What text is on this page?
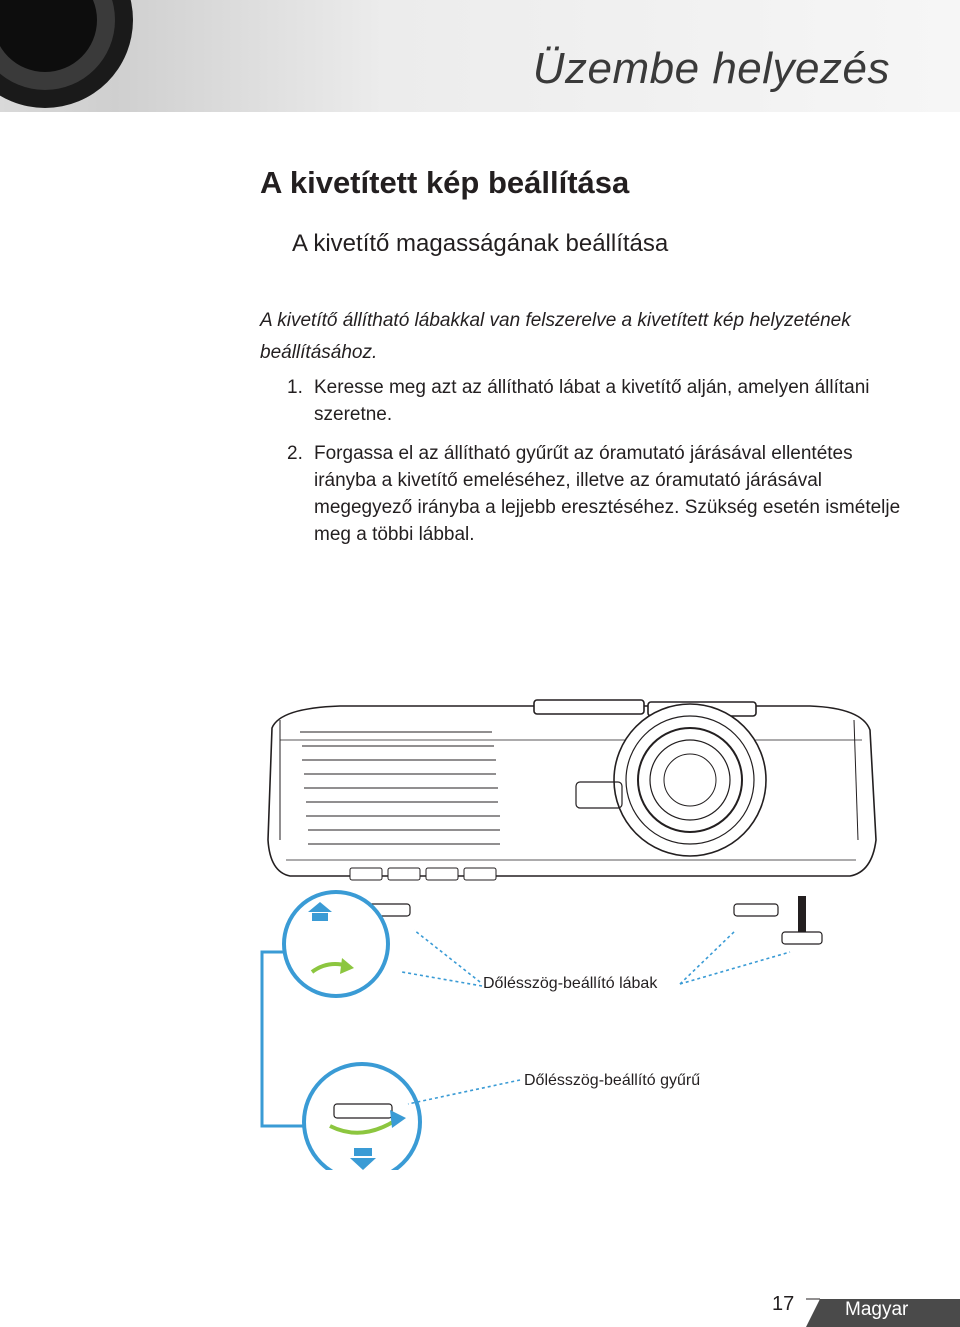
Üzembe helyezés
A kivetített kép beállítása
A kivetítő magasságának beállítása
A kivetítő állítható lábakkal van felszerelve a kivetített kép helyzetének beállításához.
1. Keresse meg azt az állítható lábat a kivetítő alján, amelyen állítani szeretne.
2. Forgassa el az állítható gyűrűt az óramutató járásával ellentétes irányba a kivetítő emeléséhez, illetve az óramutató járásával megegyező irányba a lejjebb eresztéséhez. Szükség esetén ismételje meg a többi lábbal.
Dőlésszög-beállító lábak
Dőlésszög-beállító gyűrű
17	Magyar
